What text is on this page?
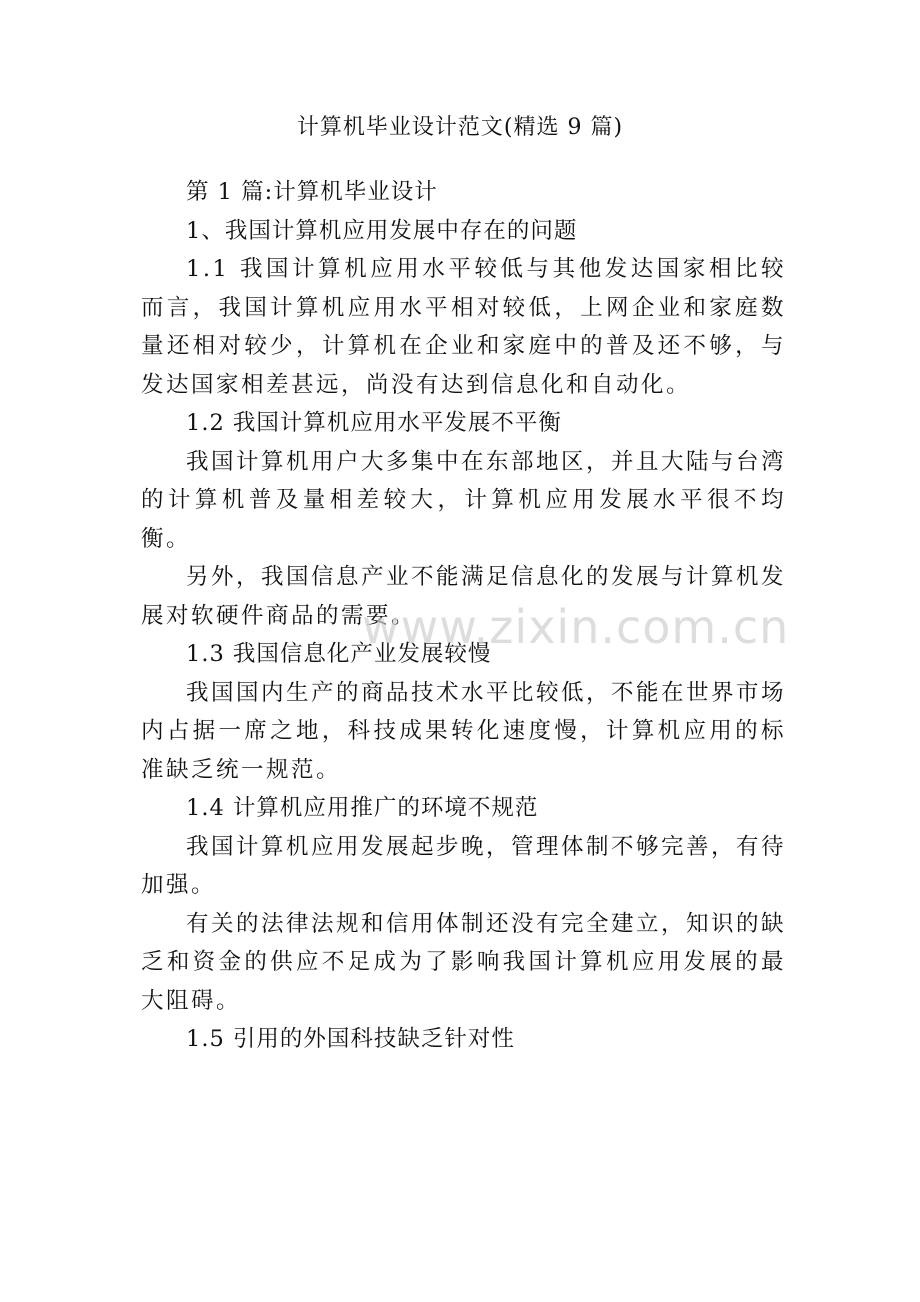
计算机毕业设计范文(精选 9 篇)

第 1 篇:计算机毕业设计

1、我国计算机应用发展中存在的问题

1.1 我国计算机应用水平较低与其他发达国家相比较而言，我国计算机应用水平相对较低，上网企业和家庭数量还相对较少，计算机在企业和家庭中的普及还不够，与发达国家相差甚远，尚没有达到信息化和自动化。

1.2 我国计算机应用水平发展不平衡

我国计算机用户大多集中在东部地区，并且大陆与台湾的计算机普及量相差较大，计算机应用发展水平很不均衡。

另外，我国信息产业不能满足信息化的发展与计算机发展对软硬件商品的需要。

1.3 我国信息化产业发展较慢

我国国内生产的商品技术水平比较低，不能在世界市场内占据一席之地，科技成果转化速度慢，计算机应用的标准缺乏统一规范。

1.4 计算机应用推广的环境不规范

我国计算机应用发展起步晚，管理体制不够完善，有待加强。

有关的法律法规和信用体制还没有完全建立，知识的缺乏和资金的供应不足成为了影响我国计算机应用发展的最大阻碍。

1.5 引用的外国科技缺乏针对性

www.zixin.com.cn
